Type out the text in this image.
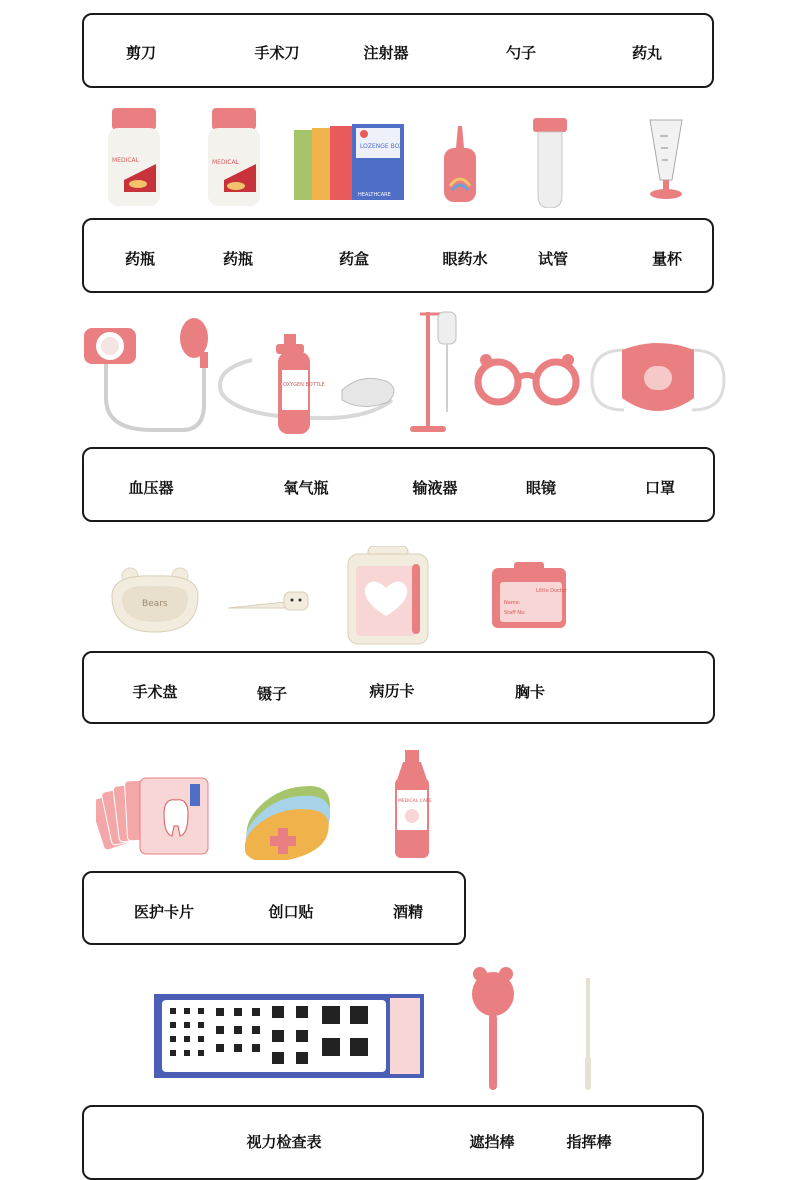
剪刀	手术刀	注射器	勺子	药丸
MEDICAL	MEDICAL
LOZENGE BOX
HEALTHCARE
药瓶	药瓶	药盒	眼药水	试管	量杯
OXYGEN BOTTLE
血压器	氧气瓶	输液器	眼镜	口罩
Bears
Little Doctor
Name:
Staff No:
手术盘	镊子	病历卡	胸卡
MEDICAL CARE
医护卡片	创口贴	酒精
视力检查表	遮挡棒	指挥棒
